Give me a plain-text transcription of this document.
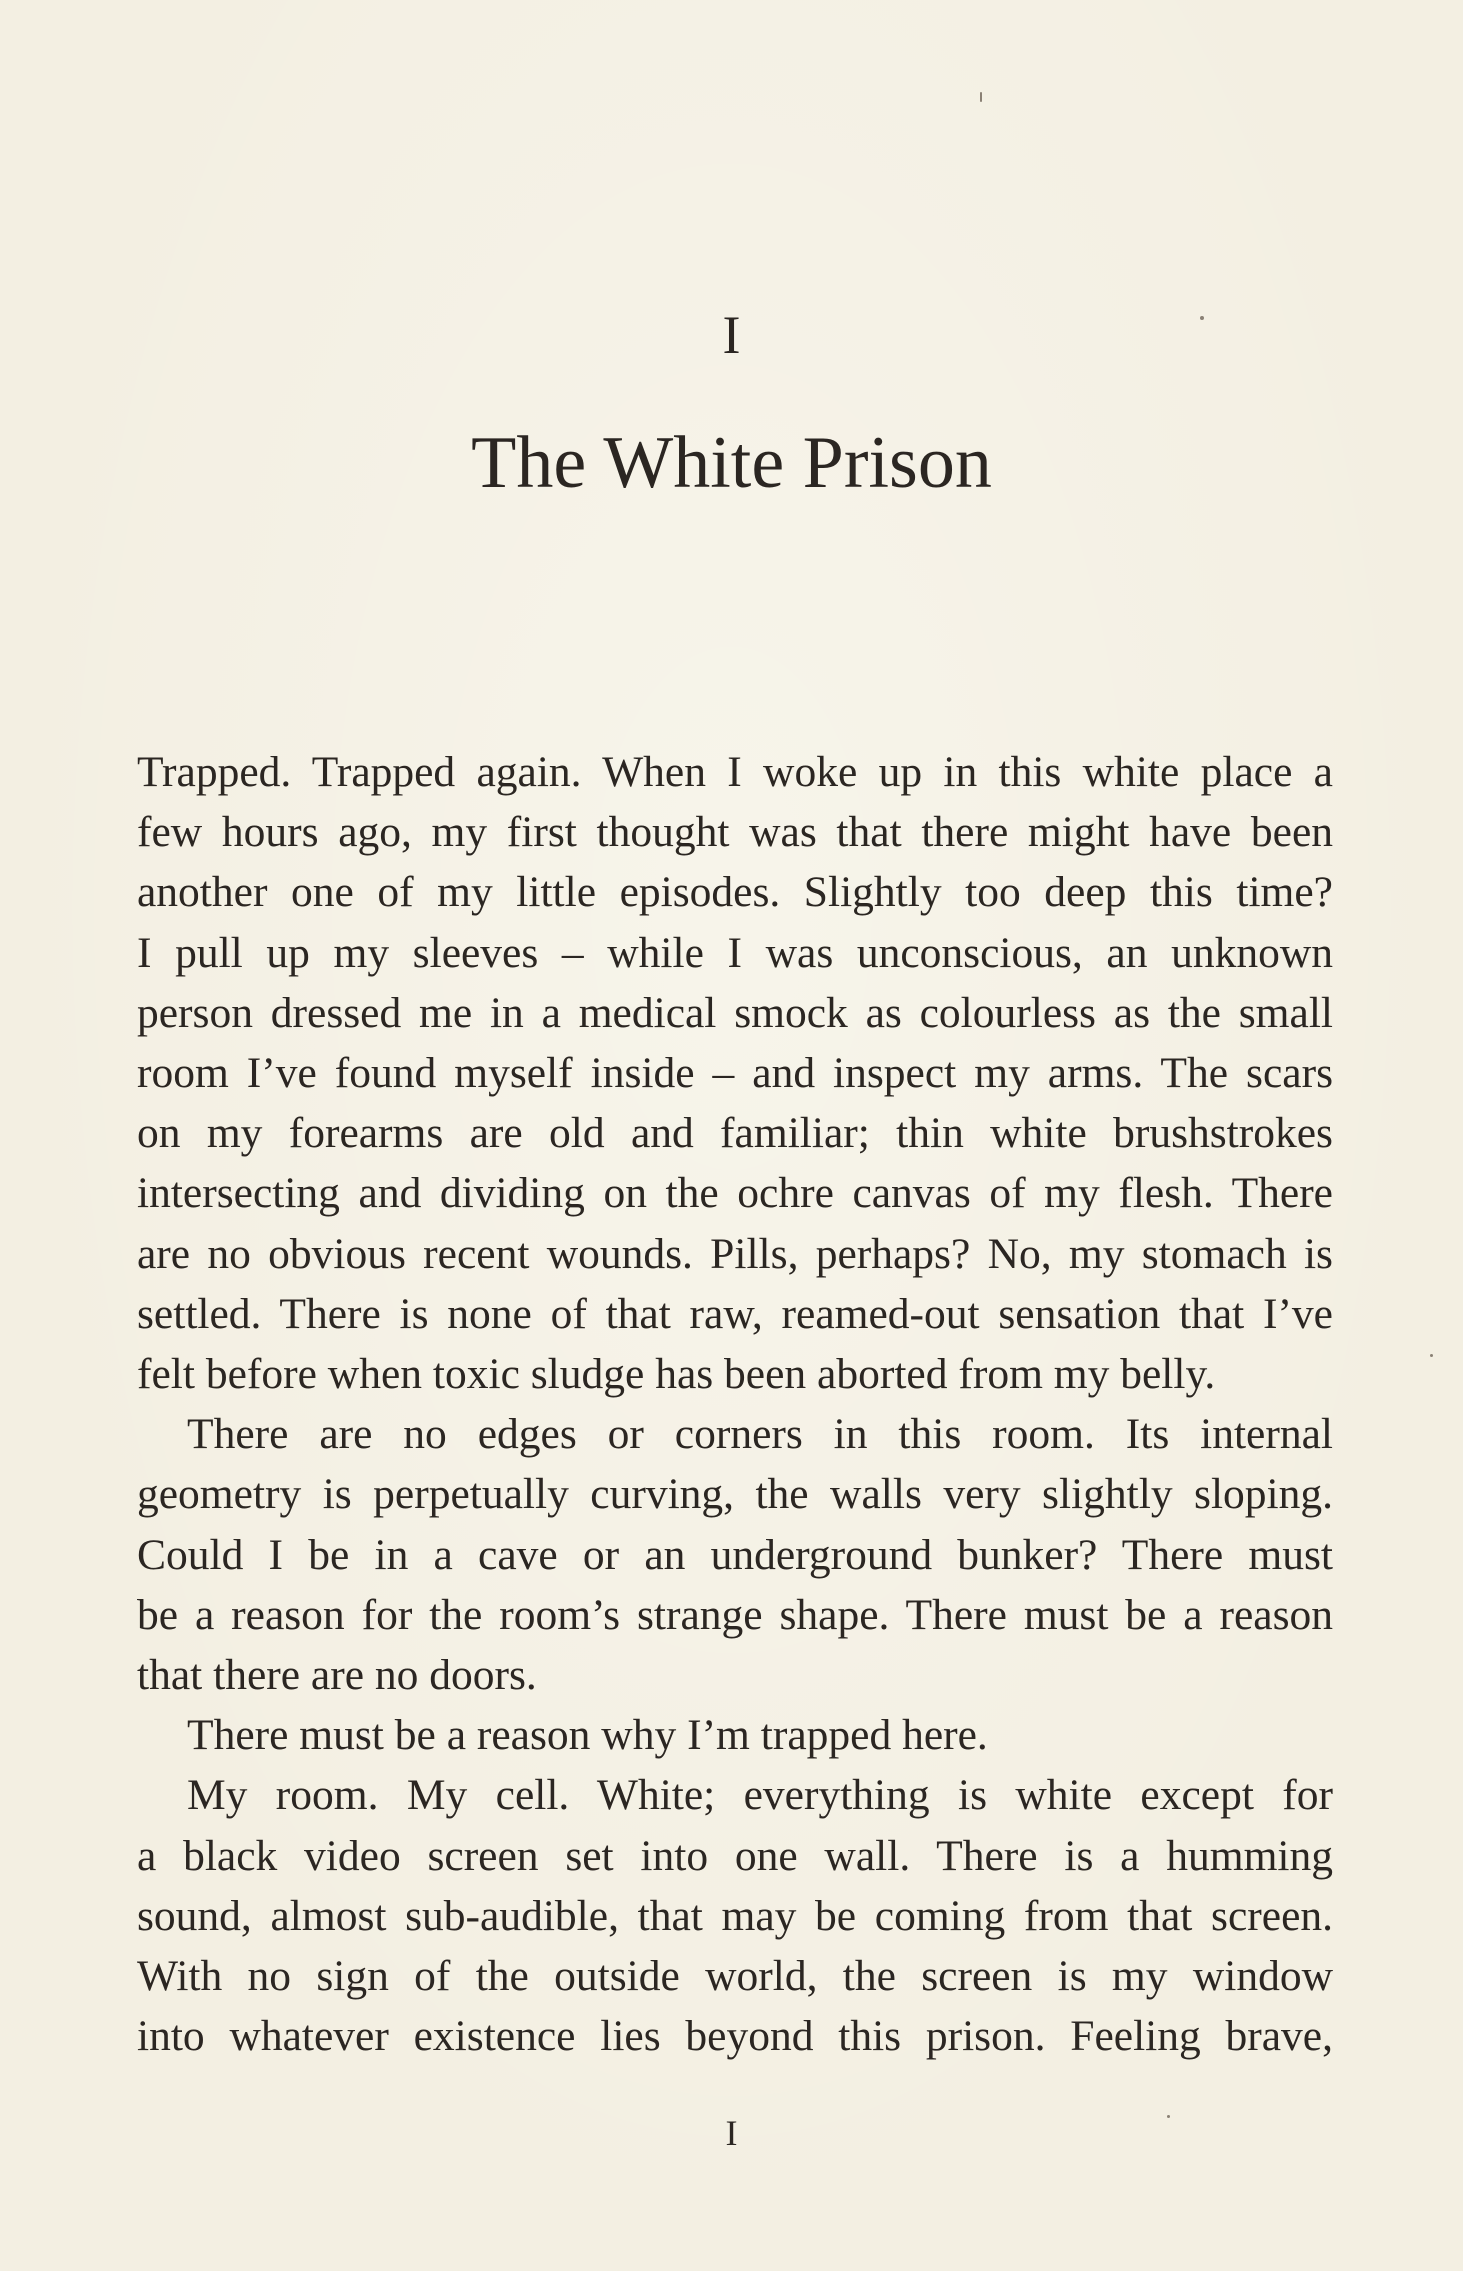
I
The White Prison

Trapped. Trapped again. When I woke up in this white place a
few hours ago, my first thought was that there might have been
another one of my little episodes. Slightly too deep this time?
I pull up my sleeves – while I was unconscious, an unknown
person dressed me in a medical smock as colourless as the small
room I’ve found myself inside – and inspect my arms. The scars
on my forearms are old and familiar; thin white brushstrokes
intersecting and dividing on the ochre canvas of my flesh. There
are no obvious recent wounds. Pills, perhaps? No, my stomach is
settled. There is none of that raw, reamed-out sensation that I’ve
felt before when toxic sludge has been aborted from my belly.

There are no edges or corners in this room. Its internal
geometry is perpetually curving, the walls very slightly sloping.
Could I be in a cave or an underground bunker? There must
be a reason for the room’s strange shape. There must be a reason
that there are no doors.

There must be a reason why I’m trapped here.

My room. My cell. White; everything is white except for
a black video screen set into one wall. There is a humming
sound, almost sub-audible, that may be coming from that screen.
With no sign of the outside world, the screen is my window
into whatever existence lies beyond this prison. Feeling brave,

I
